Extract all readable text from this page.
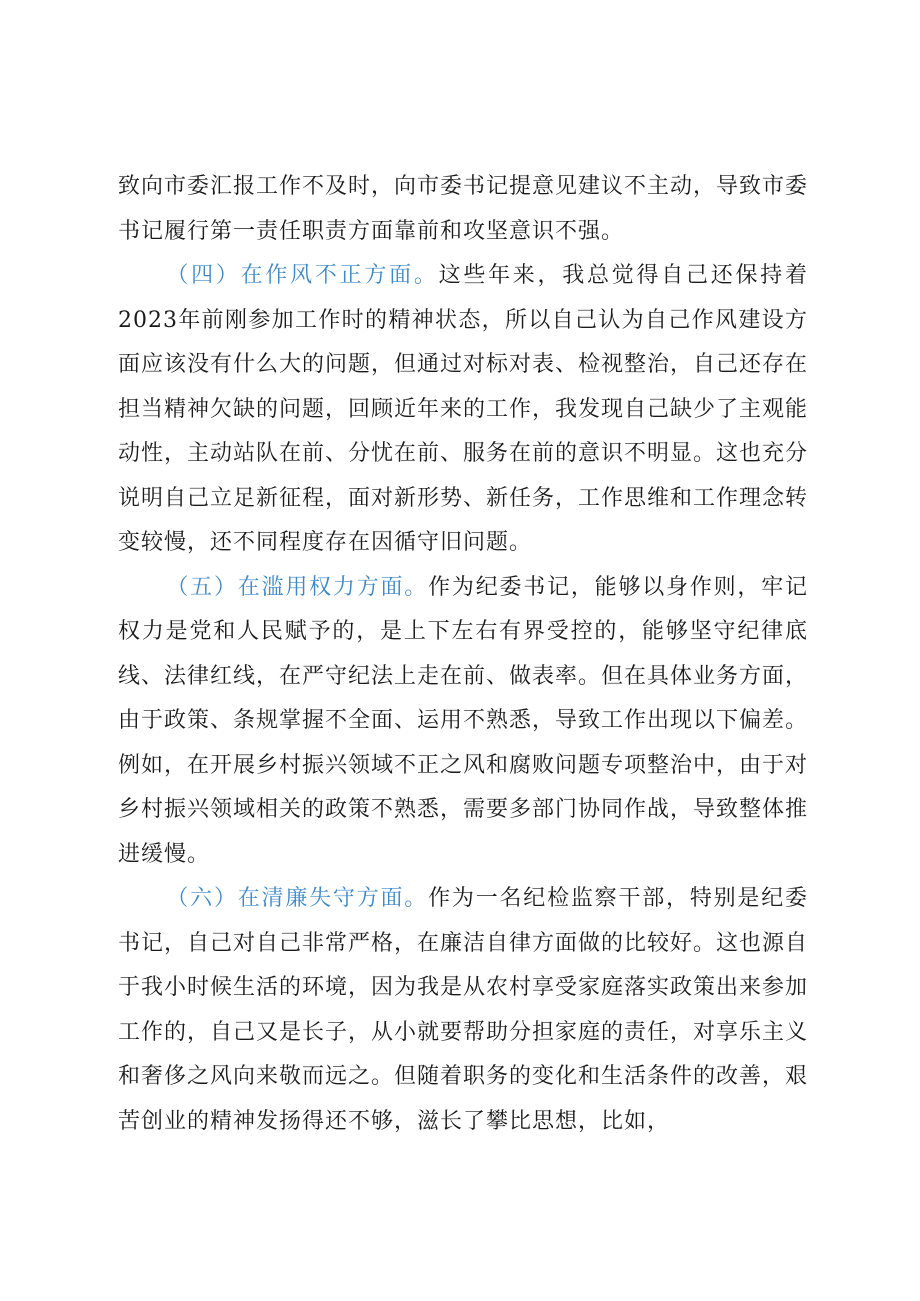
致向市委汇报工作不及时，向市委书记提意见建议不主动，导致市委书记履行第一责任职责方面靠前和攻坚意识不强。

（四）在作风不正方面。这些年来，我总觉得自己还保持着2023年前刚参加工作时的精神状态，所以自己认为自己作风建设方面应该没有什么大的问题，但通过对标对表、检视整治，自己还存在担当精神欠缺的问题，回顾近年来的工作，我发现自己缺少了主观能动性，主动站队在前、分忧在前、服务在前的意识不明显。这也充分说明自己立足新征程，面对新形势、新任务，工作思维和工作理念转变较慢，还不同程度存在因循守旧问题。

（五）在滥用权力方面。作为纪委书记，能够以身作则，牢记权力是党和人民赋予的，是上下左右有界受控的，能够坚守纪律底线、法律红线，在严守纪法上走在前、做表率。但在具体业务方面，由于政策、条规掌握不全面、运用不熟悉，导致工作出现以下偏差。例如，在开展乡村振兴领域不正之风和腐败问题专项整治中，由于对乡村振兴领域相关的政策不熟悉，需要多部门协同作战，导致整体推进缓慢。

（六）在清廉失守方面。作为一名纪检监察干部，特别是纪委书记，自己对自己非常严格，在廉洁自律方面做的比较好。这也源自于我小时候生活的环境，因为我是从农村享受家庭落实政策出来参加工作的，自己又是长子，从小就要帮助分担家庭的责任，对享乐主义和奢侈之风向来敬而远之。但随着职务的变化和生活条件的改善，艰苦创业的精神发扬得还不够，滋长了攀比思想，比如，
